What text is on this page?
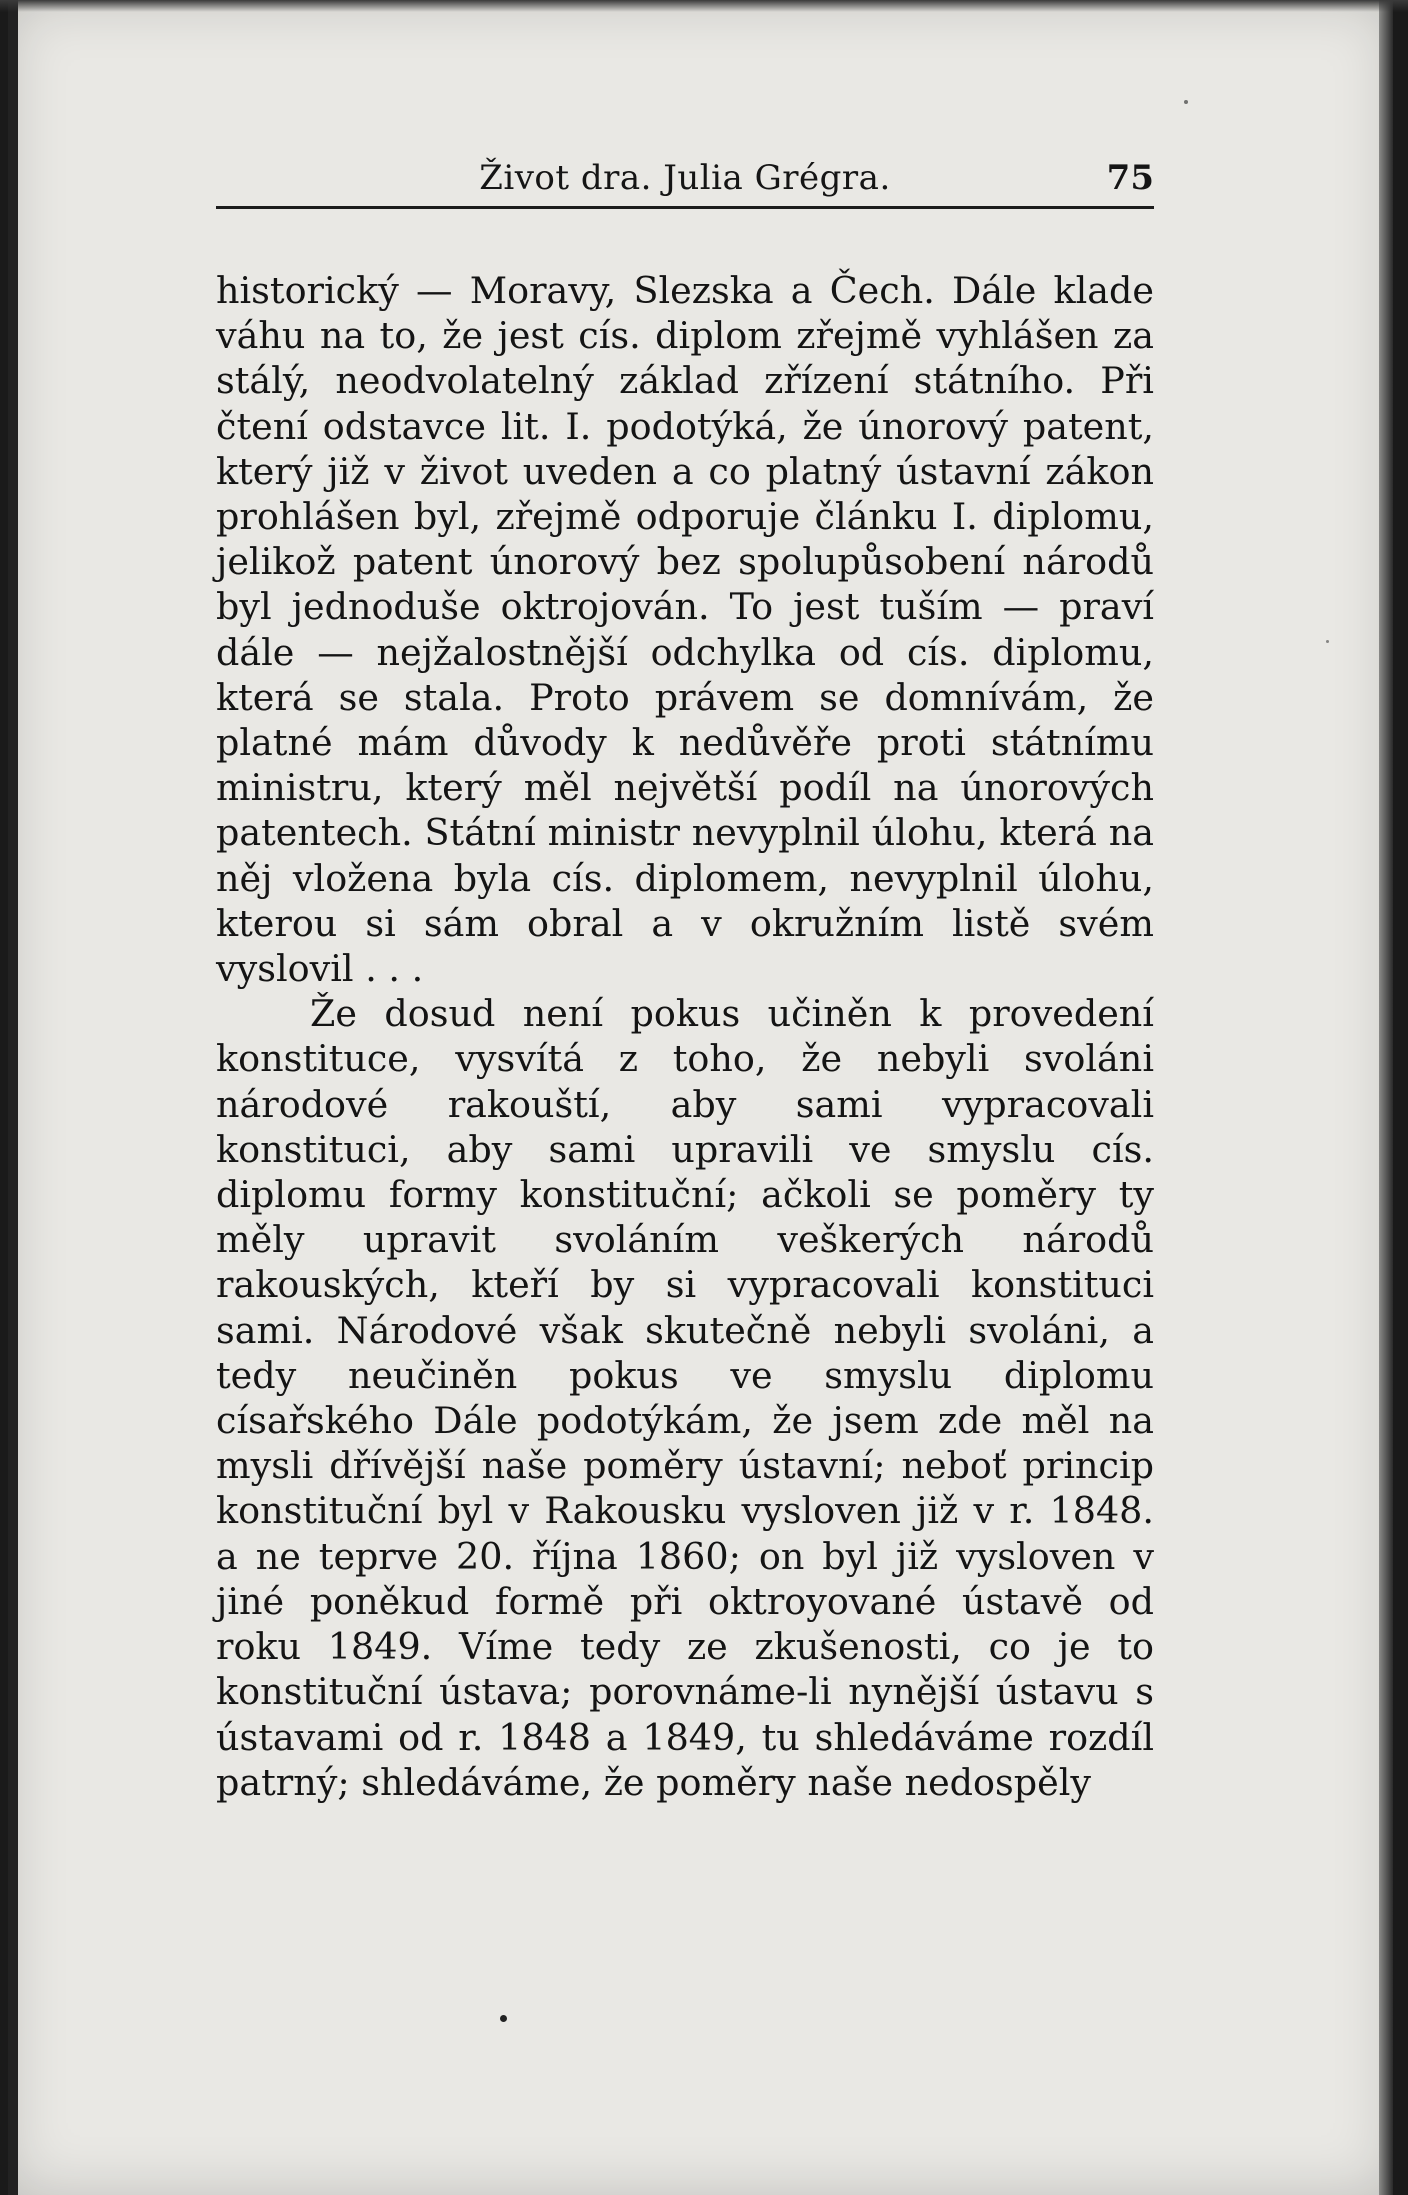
Život dra. Julia Grégra.	75

historický — Moravy, Slezska a Čech. Dále klade váhu na to, že jest cís. diplom zřejmě vyhlášen za stálý, neodvolatelný základ zřízení státního. Při čtení odstavce lit. I. podotýká, že únorový patent, který již v život uveden a co platný ústavní zákon prohlášen byl, zřejmě odporuje článku I. diplomu, jelikož patent únorový bez spolupůsobení národů byl jednoduše oktrojován. To jest tuším — praví dále — nejžalostnější odchylka od cís. diplomu, která se stala. Proto právem se domnívám, že platné mám důvody k nedůvěře proti státnímu ministru, který měl největší podíl na únorových patentech. Státní ministr nevyplnil úlohu, která na něj vložena byla cís. diplomem, nevyplnil úlohu, kterou si sám obral a v okružním listě svém vyslovil . . .

Že dosud není pokus učiněn k provedení konstituce, vysvítá z toho, že nebyli svoláni národové rakouští, aby sami vypracovali konstituci, aby sami upravili ve smyslu cís. diplomu formy konstituční; ačkoli se poměry ty měly upravit svoláním veškerých národů rakouských, kteří by si vypracovali konstituci sami. Národové však skutečně nebyli svoláni, a tedy neučiněn pokus ve smyslu diplomu císařského Dále podotýkám, že jsem zde měl na mysli dřívější naše poměry ústavní; neboť princip konstituční byl v Rakousku vysloven již v r. 1848. a ne teprve 20. října 1860; on byl již vysloven v jiné poněkud formě při oktroyované ústavě od roku 1849. Víme tedy ze zkušenosti, co je to konstituční ústava; porovnáme-li nynější ústavu s ústavami od r. 1848 a 1849, tu shledáváme rozdíl patrný; shledáváme, že poměry naše nedospěly
